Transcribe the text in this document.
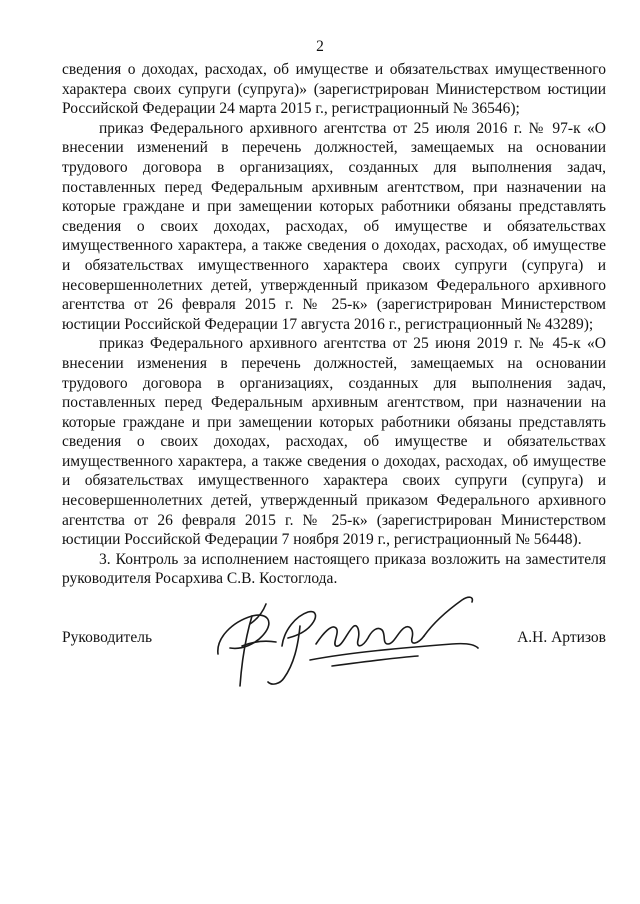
2

сведения о доходах, расходах, об имуществе и обязательствах имущественного характера своих супруги (супруга)» (зарегистрирован Министерством юстиции Российской Федерации 24 марта 2015 г., регистрационный № 36546);

приказ Федерального архивного агентства от 25 июля 2016 г. № 97-к «О внесении изменений в перечень должностей, замещаемых на основании трудового договора в организациях, созданных для выполнения задач, поставленных перед Федеральным архивным агентством, при назначении на которые граждане и при замещении которых работники обязаны представлять сведения о своих доходах, расходах, об имуществе и обязательствах имущественного характера, а также сведения о доходах, расходах, об имуществе и обязательствах имущественного характера своих супруги (супруга) и несовершеннолетних детей, утвержденный приказом Федерального архивного агентства от 26 февраля 2015 г. № 25-к» (зарегистрирован Министерством юстиции Российской Федерации 17 августа 2016 г., регистрационный № 43289);

приказ Федерального архивного агентства от 25 июня 2019 г. № 45-к «О внесении изменения в перечень должностей, замещаемых на основании трудового договора в организациях, созданных для выполнения задач, поставленных перед Федеральным архивным агентством, при назначении на которые граждане и при замещении которых работники обязаны представлять сведения о своих доходах, расходах, об имуществе и обязательствах имущественного характера, а также сведения о доходах, расходах, об имуществе и обязательствах имущественного характера своих супруги (супруга) и несовершеннолетних детей, утвержденный приказом Федерального архивного агентства от 26 февраля 2015 г. № 25-к» (зарегистрирован Министерством юстиции Российской Федерации 7 ноября 2019 г., регистрационный № 56448).

3. Контроль за исполнением настоящего приказа возложить на заместителя руководителя Росархива С.В. Костоглода.

Руководитель	А.Н. Артизов
